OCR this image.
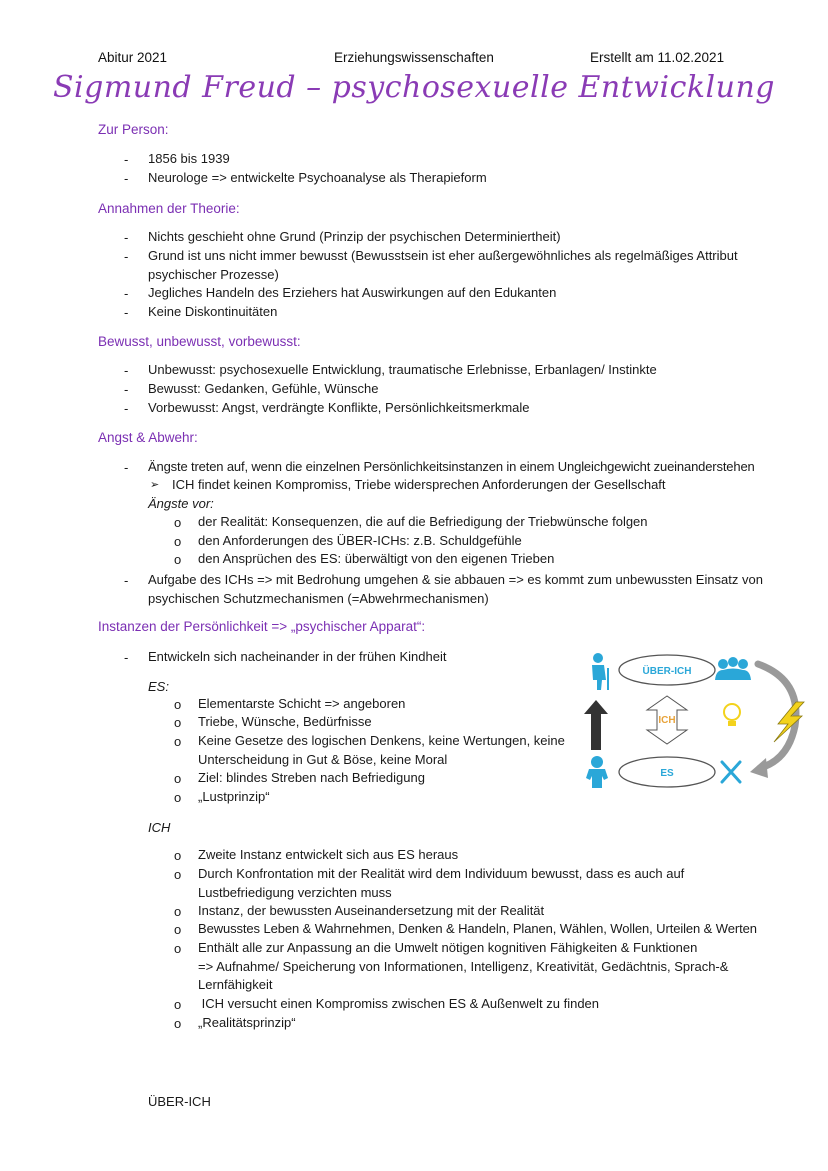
Abitur 2021	Erziehungswissenschaften	Erstellt am 11.02.2021
Sigmund Freud – psychosexuelle Entwicklung
Zur Person:
- 1856 bis 1939
- Neurologe => entwickelte Psychoanalyse als Therapieform
Annahmen der Theorie:
- Nichts geschieht ohne Grund (Prinzip der psychischen Determiniertheit)
- Grund ist uns nicht immer bewusst (Bewusstsein ist eher außergewöhnliches als regelmäßiges Attribut
psychischer Prozesse)
- Jegliches Handeln des Erziehers hat Auswirkungen auf den Edukanten
- Keine Diskontinuitäten
Bewusst, unbewusst, vorbewusst:
- Unbewusst: psychosexuelle Entwicklung, traumatische Erlebnisse, Erbanlagen/ Instinkte
- Bewusst: Gedanken, Gefühle, Wünsche
- Vorbewusst: Angst, verdrängte Konflikte, Persönlichkeitsmerkmale
Angst & Abwehr:
- Ängste treten auf, wenn die einzelnen Persönlichkeitsinstanzen in einem Ungleichgewicht zueinanderstehen
➢ ICH findet keinen Kompromiss, Triebe widersprechen Anforderungen der Gesellschaft
Ängste vor:
o der Realität: Konsequenzen, die auf die Befriedigung der Triebwünsche folgen
o den Anforderungen des ÜBER-ICHs: z.B. Schuldgefühle
o den Ansprüchen des ES: überwältigt von den eigenen Trieben
- Aufgabe des ICHs => mit Bedrohung umgehen & sie abbauen => es kommt zum unbewussten Einsatz von
psychischen Schutzmechanismen (=Abwehrmechanismen)
Instanzen der Persönlichkeit => „psychischer Apparat“:
- Entwickeln sich nacheinander in der frühen Kindheit
ES:
o Elementarste Schicht => angeboren
o Triebe, Wünsche, Bedürfnisse
o Keine Gesetze des logischen Denkens, keine Wertungen, keine
Unterscheidung in Gut & Böse, keine Moral
o Ziel: blindes Streben nach Befriedigung
o „Lustprinzip“
ICH
o Zweite Instanz entwickelt sich aus ES heraus
o Durch Konfrontation mit der Realität wird dem Individuum bewusst, dass es auch auf
Lustbefriedigung verzichten muss
o Instanz, der bewussten Auseinandersetzung mit der Realität
o Bewusstes Leben & Wahrnehmen, Denken & Handeln, Planen, Wählen, Wollen, Urteilen & Werten
o Enthält alle zur Anpassung an die Umwelt nötigen kognitiven Fähigkeiten & Funktionen
=> Aufnahme/ Speicherung von Informationen, Intelligenz, Kreativität, Gedächtnis, Sprach-&
Lernfähigkeit
o ICH versucht einen Kompromiss zwischen ES & Außenwelt zu finden
o „Realitätsprinzip“
ÜBER-ICH
ÜBER-ICH
ICH
ES
